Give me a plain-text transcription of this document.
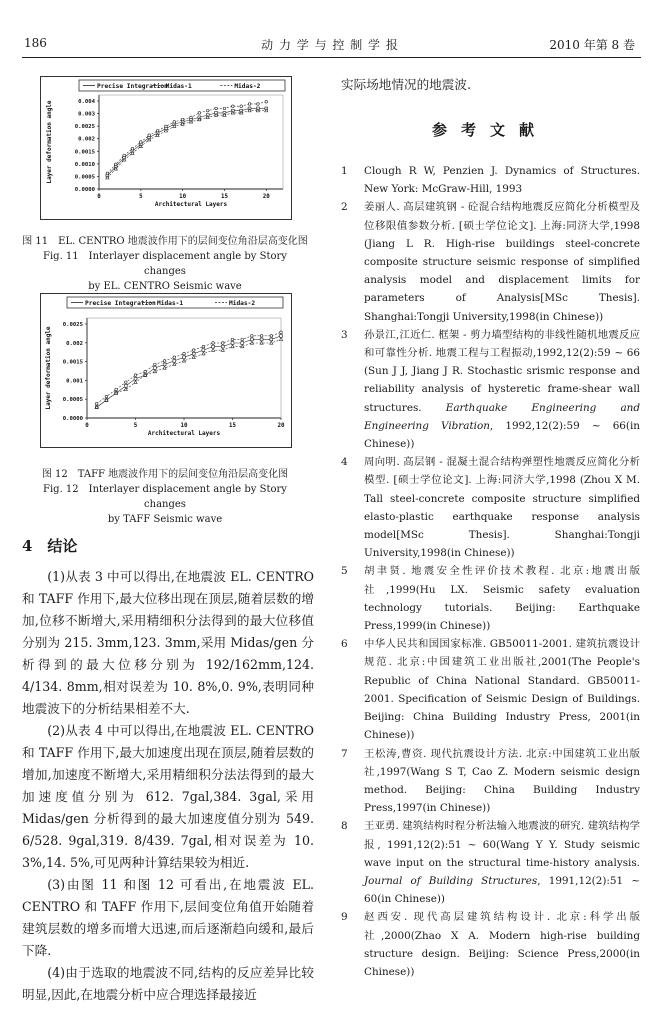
186	动 力 学 与 控 制 学 报	2010 年第 8 卷
Precise Integration
Midas-1	Midas-2
0.0000
0.0005
0.0010
0.0015
0.002
0.0025
0.003
0.004
0	5	10	15	20
Architectural Layers
Layer deformation angle
图 11　EL. CENTRO 地震波作用下的层间变位角沿层高变化图
Fig. 11　Interlayer displacement angle by Story changes
by EL. CENTRO Seismic wave
Precise Integration Midas-1	Midas-2
0.0000
0.0005
0.001
0.0015
0.002
0.0025
0	5	10	15	20
Architectural Layers
Layer deformation angle
图 12　TAFF 地震波作用下的层间变位角沿层高变化图
Fig. 12　Interlayer displacement angle by Story changes
by TAFF Seismic wave
4　结论

(1)从表 3 中可以得出,在地震波 EL. CENTRO 和 TAFF 作用下,最大位移出现在顶层,随着层数的增加,位移不断增大,采用精细积分法得到的最大位移值分别为 215. 3mm,123. 3mm,采用 Midas/gen 分析得到的最大位移分别为 192/162mm,124. 4/134. 8mm,相对误差为 10. 8%,0. 9%,表明同种地震波下的分析结果相差不大.

(2)从表 4 中可以得出,在地震波 EL. CENTRO 和 TAFF 作用下,最大加速度出现在顶层,随着层数的增加,加速度不断增大,采用精细积分法法得到的最大加速度值分别为 612. 7gal,384. 3gal,采用 Midas/gen 分析得到的最大加速度值分别为 549. 6/528. 9gal,319. 8/439. 7gal,相对误差为 10. 3%,14. 5%,可见两种计算结果较为相近.

(3)由图 11 和图 12 可看出,在地震波 EL. CENTRO 和 TAFF 作用下,层间变位角值开始随着建筑层数的增多而增大迅速,而后逐渐趋向缓和,最后下降.

(4)由于选取的地震波不同,结构的反应差异比较明显,因此,在地震分析中应合理选择最接近

实际场地情况的地震波.
参考文献

1 Clough R W, Penzien J. Dynamics of Structures. New York: McGraw-Hill, 1993

2 姜丽人. 高层建筑钢 - 砼混合结构地震反应简化分析模型及位移限值参数分析. [硕士学位论文]. 上海:同济大学,1998 (Jiang L R. High-rise buildings steel-concrete composite structure seismic response of simplified analysis model and displacement limits for parameters of Analysis[MSc Thesis]. Shanghai:Tongji University,1998(in Chinese))

3 孙景江,江近仁. 框架 - 剪力墙型结构的非线性随机地震反应和可靠性分析. 地震工程与工程振动,1992,12(2):59 ~ 66 (Sun J J, Jiang J R. Stochastic srismic response and reliability analysis of hysteretic frame-shear wall structures. Earthquake Engineering and Engineering Vibration, 1992,12(2):59 ~ 66(in Chinese))

4 周向明. 高层钢 - 混凝土混合结构弹塑性地震反应简化分析模型. [硕士学位论文]. 上海:同济大学,1998 (Zhou X M. Tall steel-concrete composite structure simplified elasto-plastic earthquake response analysis model[MSc Thesis]. Shanghai:Tongji University,1998(in Chinese))

5 胡聿贤. 地震安全性评价技术教程. 北京:地震出版社,1999(Hu LX. Seismic safety evaluation technology tutorials. Beijing: Earthquake Press,1999(in Chinese))

6 中华人民共和国国家标准. GB50011-2001. 建筑抗震设计规范. 北京:中国建筑工业出版社,2001(The People's Republic of China National Standard. GB50011-2001. Specification of Seismic Design of Buildings. Beijing: China Building Industry Press, 2001(in Chinese))

7 王松涛,曹资. 现代抗震设计方法. 北京:中国建筑工业出版社,1997(Wang S T, Cao Z. Modern seismic design method. Beijing: China Building Industry Press,1997(in Chinese))

8 王亚勇. 建筑结构时程分析法输入地震波的研究. 建筑结构学报, 1991,12(2):51 ~ 60(Wang Y Y. Study seismic wave input on the structural time-history analysis. Journal of Building Structures, 1991,12(2):51 ~ 60(in Chinese))

9 赵西安. 现代高层建筑结构设计. 北京:科学出版社,2000(Zhao X A. Modern high-rise building structure design. Beijing: Science Press,2000(in Chinese))
